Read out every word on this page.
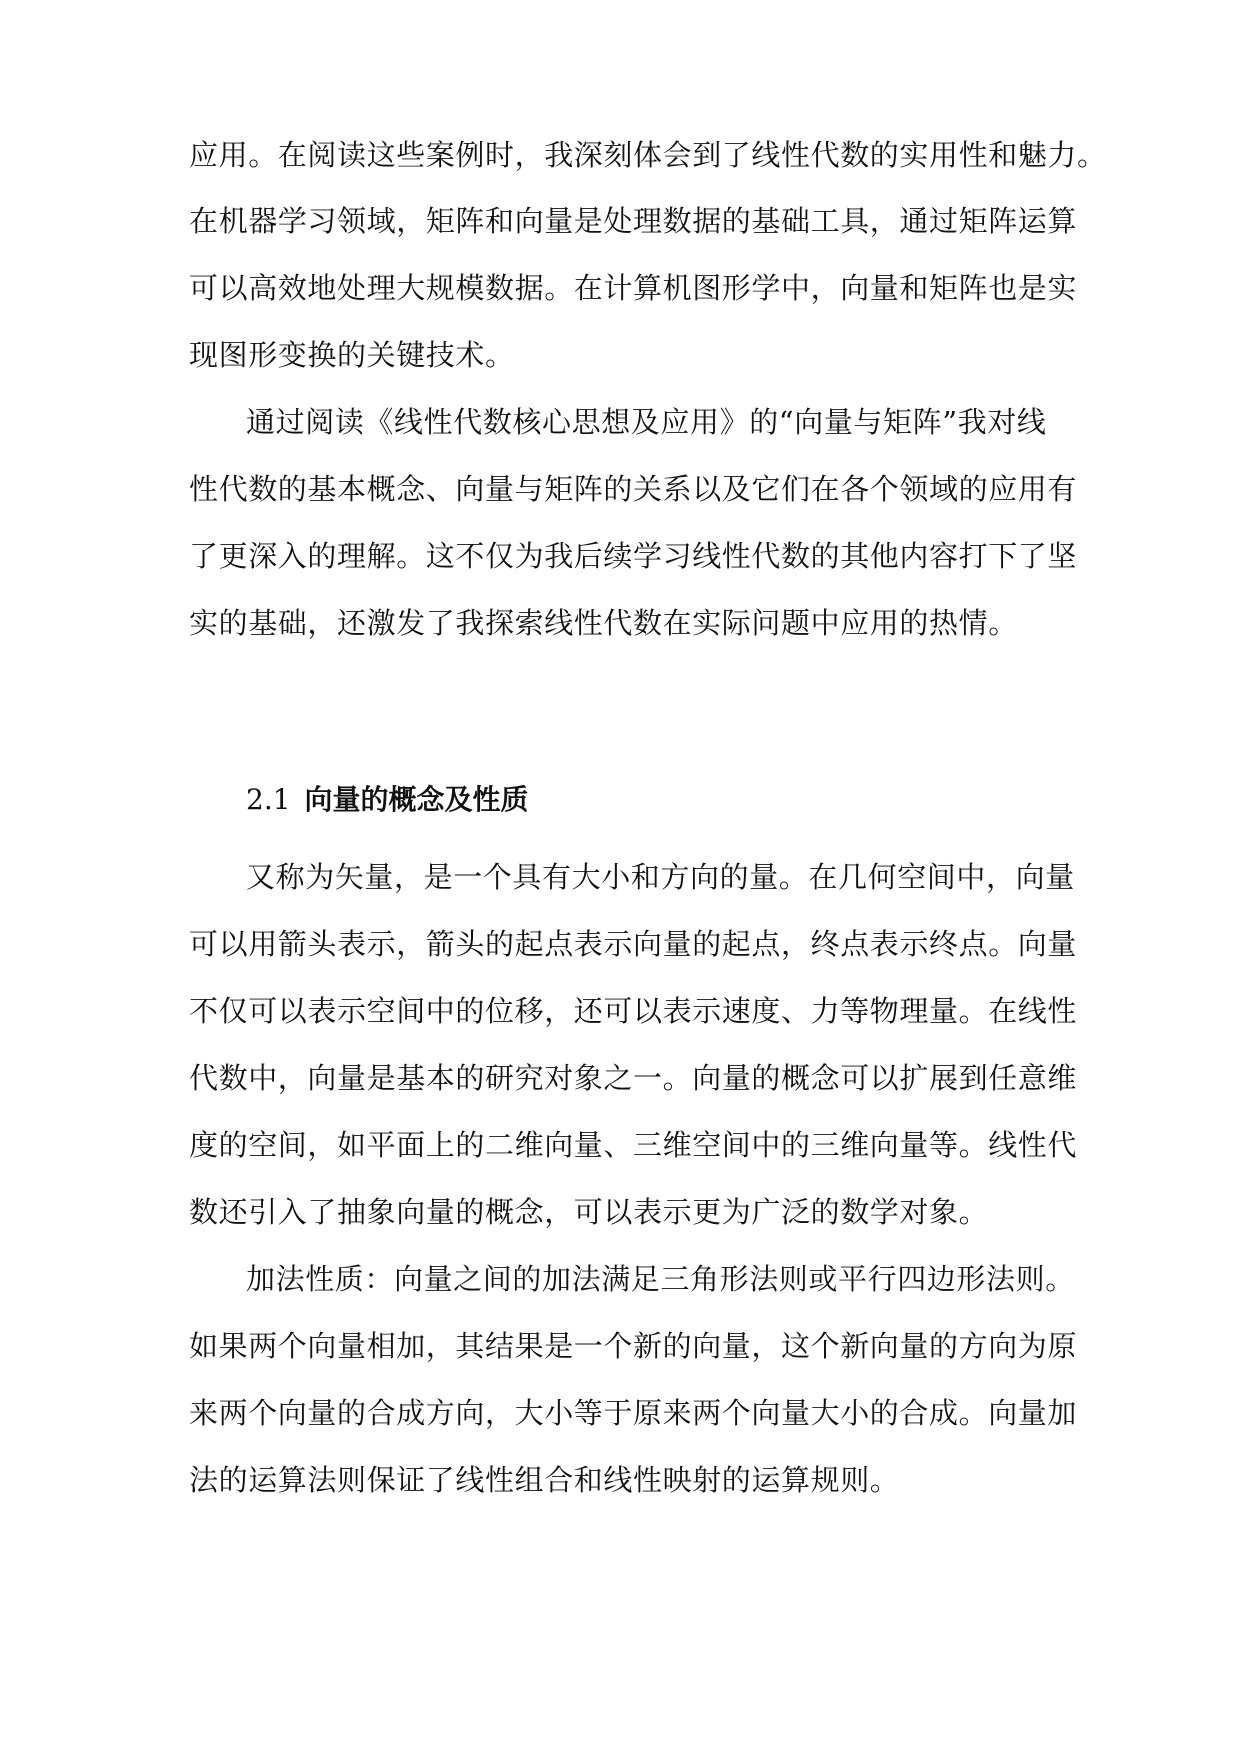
应用。在阅读这些案例时，我深刻体会到了线性代数的实用性和魅力。
在机器学习领域，矩阵和向量是处理数据的基础工具，通过矩阵运算
可以高效地处理大规模数据。在计算机图形学中，向量和矩阵也是实
现图形变换的关键技术。
通过阅读《线性代数核心思想及应用》的“向量与矩阵”我对线
性代数的基本概念、向量与矩阵的关系以及它们在各个领域的应用有
了更深入的理解。这不仅为我后续学习线性代数的其他内容打下了坚
实的基础，还激发了我探索线性代数在实际问题中应用的热情。
2.1 向量的概念及性质
又称为矢量，是一个具有大小和方向的量。在几何空间中，向量
可以用箭头表示，箭头的起点表示向量的起点，终点表示终点。向量
不仅可以表示空间中的位移，还可以表示速度、力等物理量。在线性
代数中，向量是基本的研究对象之一。向量的概念可以扩展到任意维
度的空间，如平面上的二维向量、三维空间中的三维向量等。线性代
数还引入了抽象向量的概念，可以表示更为广泛的数学对象。
加法性质：向量之间的加法满足三角形法则或平行四边形法则。
如果两个向量相加，其结果是一个新的向量，这个新向量的方向为原
来两个向量的合成方向，大小等于原来两个向量大小的合成。向量加
法的运算法则保证了线性组合和线性映射的运算规则。
